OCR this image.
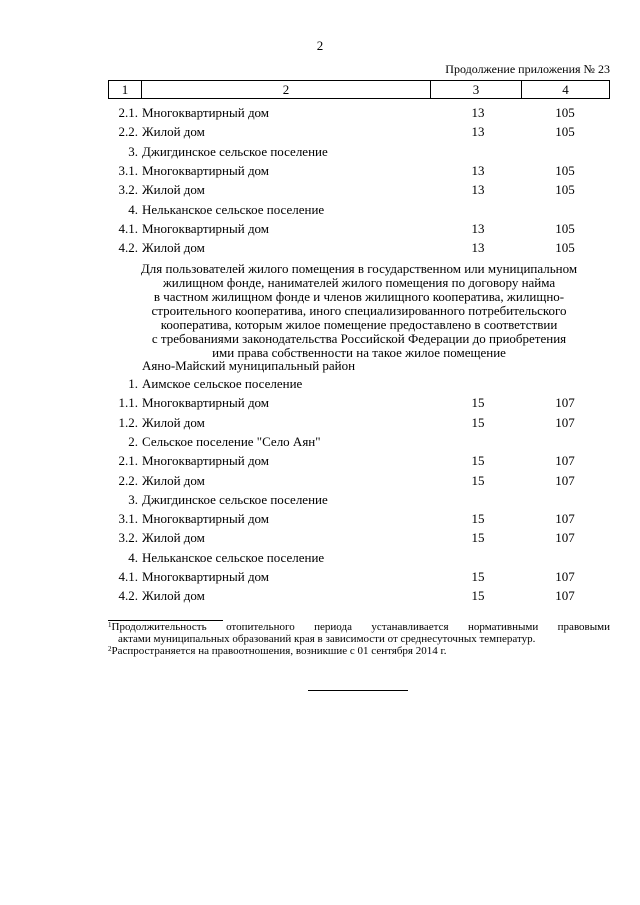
2
Продолжение приложения № 23
1	2	3	4
2.1. Многоквартирный дом	13	105
2.2. Жилой дом	13	105
3. Джигдинское сельское поселение
3.1. Многоквартирный дом	13	105
3.2. Жилой дом	13	105
4. Нельканское сельское поселение
4.1. Многоквартирный дом	13	105
4.2. Жилой дом	13	105
Для пользователей жилого помещения в государственном или муниципальном
жилищном фонде, нанимателей жилого помещения по договору найма
в частном жилищном фонде и членов жилищного кооператива, жилищно-
строительного кооператива, иного специализированного потребительского
кооператива, которым жилое помещение предоставлено в соответствии
с требованиями законодательства Российской Федерации до приобретения
ими права собственности на такое жилое помещение
Аяно-Майский муниципальный район
1. Аимское сельское поселение
1.1. Многоквартирный дом	15	107
1.2. Жилой дом	15	107
2. Сельское поселение "Село Аян"
2.1. Многоквартирный дом	15	107
2.2. Жилой дом	15	107
3. Джигдинское сельское поселение
3.1. Многоквартирный дом	15	107
3.2. Жилой дом	15	107
4. Нельканское сельское поселение
4.1. Многоквартирный дом	15	107
4.2. Жилой дом	15	107
$^1$Продолжительность отопительного периода устанавливается нормативными правовыми
актами муниципальных образований края в зависимости от среднесуточных температур.
$^2$Распространяется на правоотношения, возникшие с 01 сентября 2014 г.
